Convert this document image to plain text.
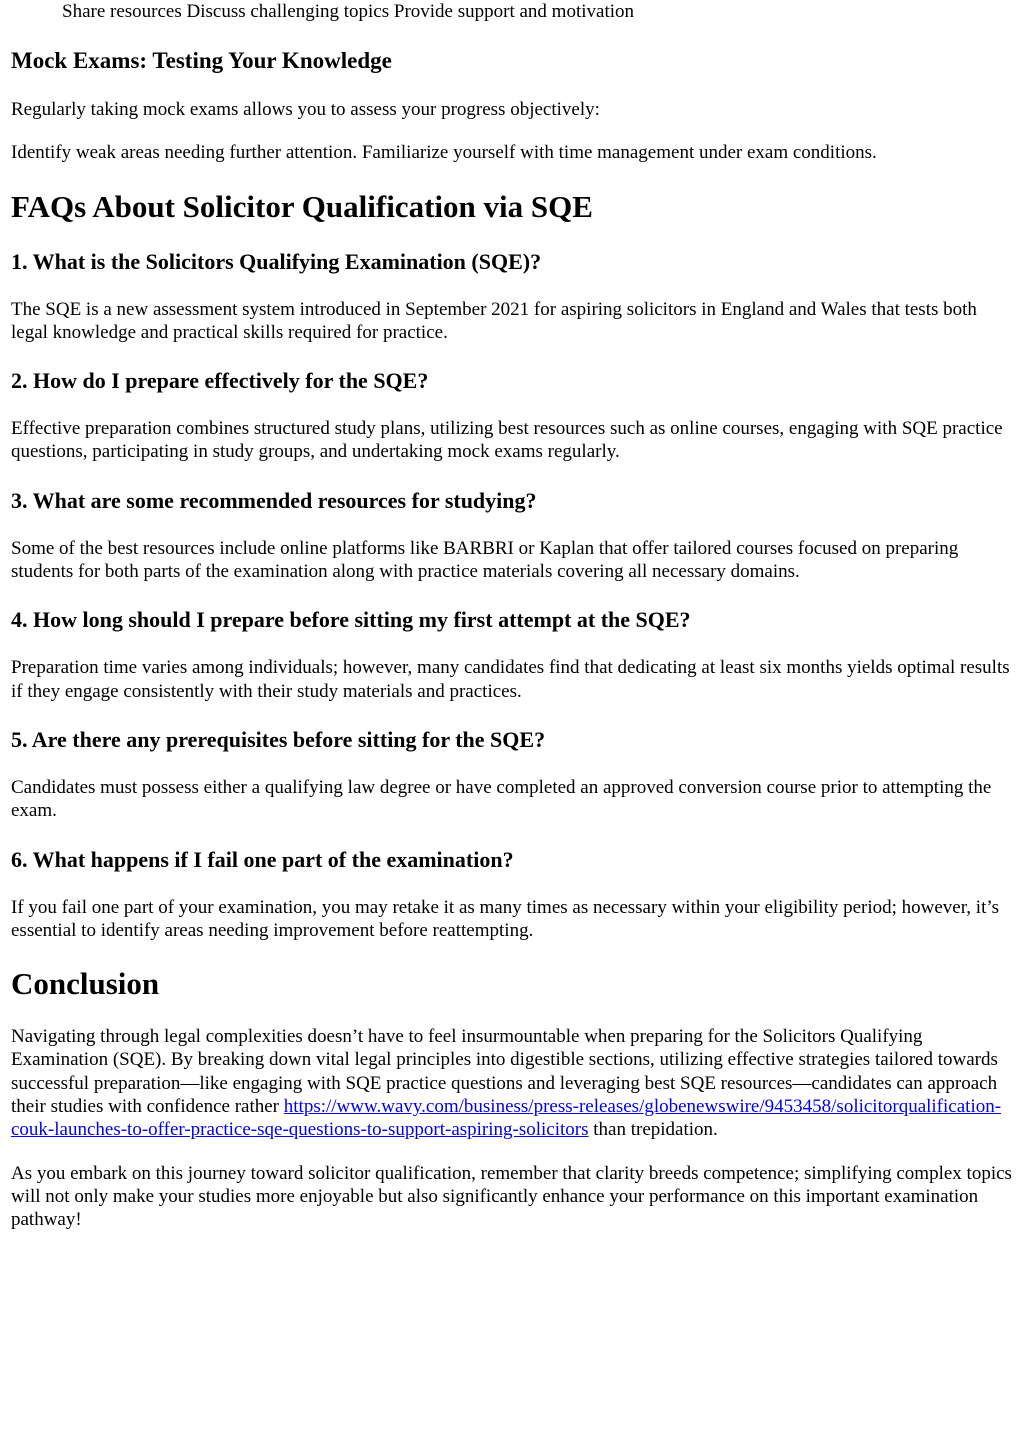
Share resources Discuss challenging topics Provide support and motivation

Mock Exams: Testing Your Knowledge

Regularly taking mock exams allows you to assess your progress objectively:

Identify weak areas needing further attention. Familiarize yourself with time management under exam conditions.

FAQs About Solicitor Qualification via SQE
1. What is the Solicitors Qualifying Examination (SQE)?

The SQE is a new assessment system introduced in September 2021 for aspiring solicitors in England and Wales that tests both legal knowledge and practical skills required for practice.

2. How do I prepare effectively for the SQE?

Effective preparation combines structured study plans, utilizing best resources such as online courses, engaging with SQE practice questions, participating in study groups, and undertaking mock exams regularly.

3. What are some recommended resources for studying?

Some of the best resources include online platforms like BARBRI or Kaplan that offer tailored courses focused on preparing students for both parts of the examination along with practice materials covering all necessary domains.

4. How long should I prepare before sitting my first attempt at the SQE?

Preparation time varies among individuals; however, many candidates find that dedicating at least six months yields optimal results if they engage consistently with their study materials and practices.

5. Are there any prerequisites before sitting for the SQE?

Candidates must possess either a qualifying law degree or have completed an approved conversion course prior to attempting the exam.

6. What happens if I fail one part of the examination?

If you fail one part of your examination, you may retake it as many times as necessary within your eligibility period; however, it’s essential to identify areas needing improvement before reattempting.

Conclusion

Navigating through legal complexities doesn’t have to feel insurmountable when preparing for the Solicitors Qualifying Examination (SQE). By breaking down vital legal principles into digestible sections, utilizing effective strategies tailored towards successful preparation—like engaging with SQE practice questions and leveraging best SQE resources—candidates can approach their studies with confidence rather https://www.wavy.com/business/press-releases/globenewswire/9453458/solicitorqualification-couk-launches-to-offer-practice-sqe-questions-to-support-aspiring-solicitors than trepidation.

As you embark on this journey toward solicitor qualification, remember that clarity breeds competence; simplifying complex topics will not only make your studies more enjoyable but also significantly enhance your performance on this important examination pathway!
